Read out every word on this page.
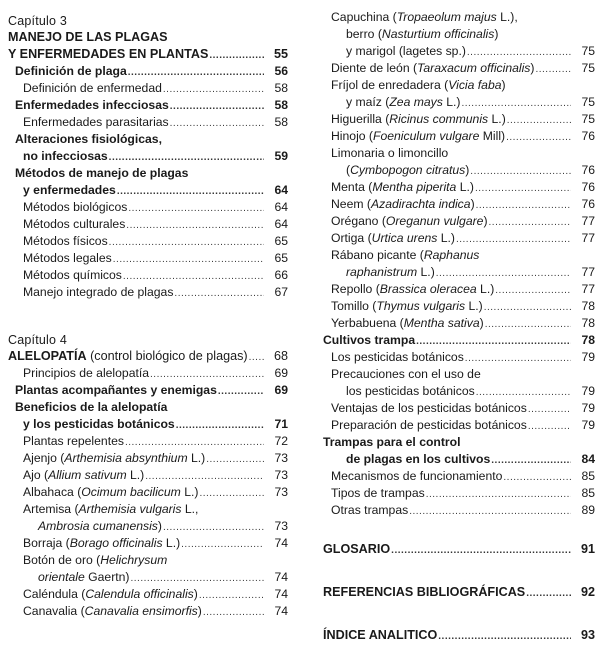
Capítulo 3
MANEJO DE LAS PLAGAS
Y ENFERMEDADES EN PLANTAS .....	55
Definición de plaga .....	56
Definición de enfermedad .....	58
Enfermedades infecciosas .....	58
Enfermedades parasitarias .....	58
Alteraciones fisiológicas,
no infecciosas .....	59
Métodos de manejo de plagas
y enfermedades .....	64
Métodos biológicos .....	64
Métodos culturales .....	64
Métodos físicos .....	65
Métodos legales .....	65
Métodos químicos .....	66
Manejo integrado de plagas .....	67
Capítulo 4
ALELOPATÍA (control biológico de plagas) .....	68
Principios de alelopatía .....	69
Plantas acompañantes y enemigas .....	69
Beneficios de la alelopatía
y los pesticidas botánicos .....	71
Plantas repelentes .....	72
Ajenjo (Arthemisia absynthium L.) .....	73
Ajo (Allium sativum L.) .....	73
Albahaca (Ocimum bacilicum L.) .....	73
Artemisa (Arthemisia vulgaris L.,
Ambrosia cumanensis) .....	73
Borraja (Borago officinalis L.) .....	74
Botón de oro (Helichrysum
orientale Gaertn) .....	74
Caléndula (Calendula officinalis) .....	74
Canavalia (Canavalia ensimorfis) .....	74
Capuchina (Tropaeolum majus L.),
berro (Nasturtium officinalis)
y marigol (lagetes sp.) .....	75
Diente de león (Taraxacum officinalis) .....	75
Fríjol de enredadera (Vicia faba)
y maíz (Zea mays L.) .....	75
Higuerilla (Ricinus communis L.) .....	75
Hinojo (Foeniculum vulgare Mill) .....	76
Limonaria o limoncillo
(Cymbopogon citratus) .....	76
Menta (Mentha piperita L.) .....	76
Neem (Azadirachta indica) .....	76
Orégano (Oreganun vulgare) .....	77
Ortiga (Urtica urens L.) .....	77
Rábano picante (Raphanus
raphanistrum L.) .....	77
Repollo (Brassica oleracea L.) .....	77
Tomillo (Thymus vulgaris L.) .....	78
Yerbabuena (Mentha sativa) .....	78
Cultivos trampa .....	78
Los pesticidas botánicos .....	79
Precauciones con el uso de
los pesticidas botánicos .....	79
Ventajas de los pesticidas botánicos .....	79
Preparación de pesticidas botánicos .....	79
Trampas para el control
de plagas en los cultivos .....	84
Mecanismos de funcionamiento .....	85
Tipos de trampas .....	85
Otras trampas .....	89
GLOSARIO .....	91
REFERENCIAS BIBLIOGRÁFICAS .....	92
ÍNDICE ANALITICO .....	93
